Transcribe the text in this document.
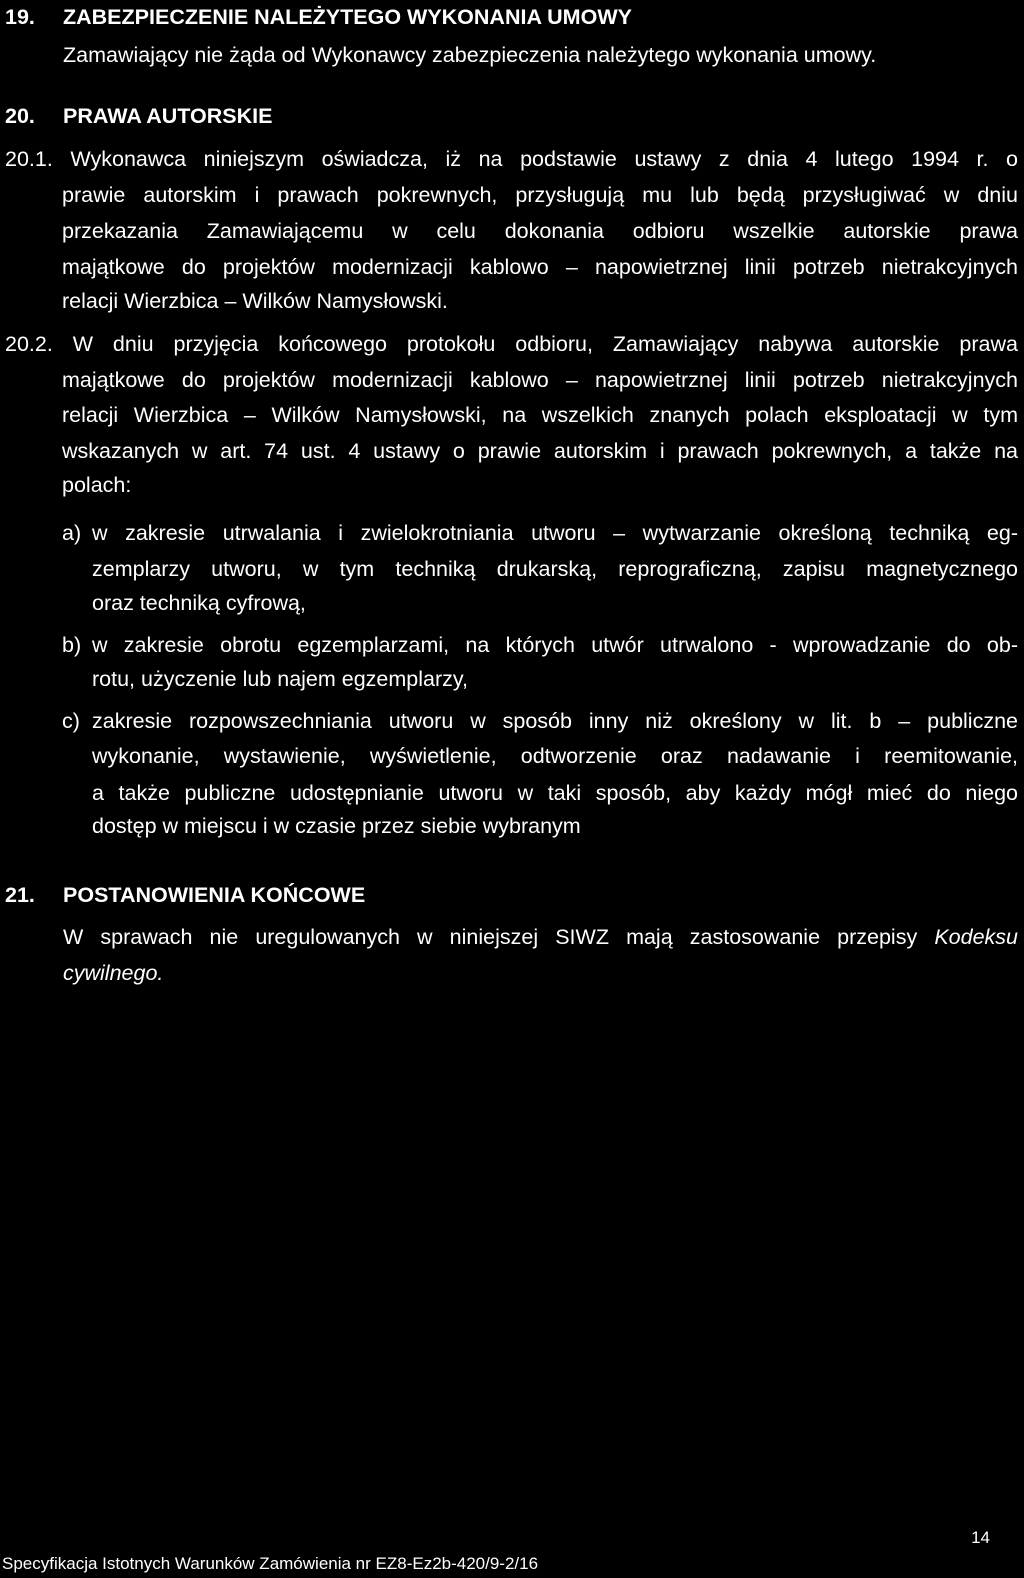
19. ZABEZPIECZENIE NALEŻYTEGO WYKONANIA UMOWY
Zamawiający nie żąda od Wykonawcy zabezpieczenia należytego wykonania umowy.
20. PRAWA AUTORSKIE
20.1. Wykonawca niniejszym oświadcza, iż na podstawie ustawy z dnia 4 lutego 1994 r. o
prawie autorskim i prawach pokrewnych, przysługują mu lub będą przysługiwać w dniu
przekazania Zamawiającemu w celu dokonania odbioru wszelkie autorskie prawa
majątkowe do projektów modernizacji kablowo – napowietrznej linii potrzeb nietrakcyjnych
relacji Wierzbica – Wilków Namysłowski.
20.2. W dniu przyjęcia końcowego protokołu odbioru, Zamawiający nabywa autorskie prawa
majątkowe do projektów modernizacji kablowo – napowietrznej linii potrzeb nietrakcyjnych
relacji Wierzbica – Wilków Namysłowski, na wszelkich znanych polach eksploatacji w tym
wskazanych w art. 74 ust. 4 ustawy o prawie autorskim i prawach pokrewnych, a także na
polach:
a) w zakresie utrwalania i zwielokrotniania utworu – wytwarzanie określoną techniką eg-
zemplarzy utworu, w tym techniką drukarską, reprograficzną, zapisu magnetycznego
oraz techniką cyfrową,
b) w zakresie obrotu egzemplarzami, na których utwór utrwalono - wprowadzanie do ob-
rotu, użyczenie lub najem egzemplarzy,
c) zakresie rozpowszechniania utworu w sposób inny niż określony w lit. b – publiczne
wykonanie, wystawienie, wyświetlenie, odtworzenie oraz nadawanie i reemitowanie,
a także publiczne udostępnianie utworu w taki sposób, aby każdy mógł mieć do niego
dostęp w miejscu i w czasie przez siebie wybranym
21. POSTANOWIENIA KOŃCOWE
W sprawach nie uregulowanych w niniejszej SIWZ mają zastosowanie przepisy Kodeksu
cywilnego.
14
Specyfikacja Istotnych Warunków Zamówienia nr EZ8-Ez2b-420/9-2/16
